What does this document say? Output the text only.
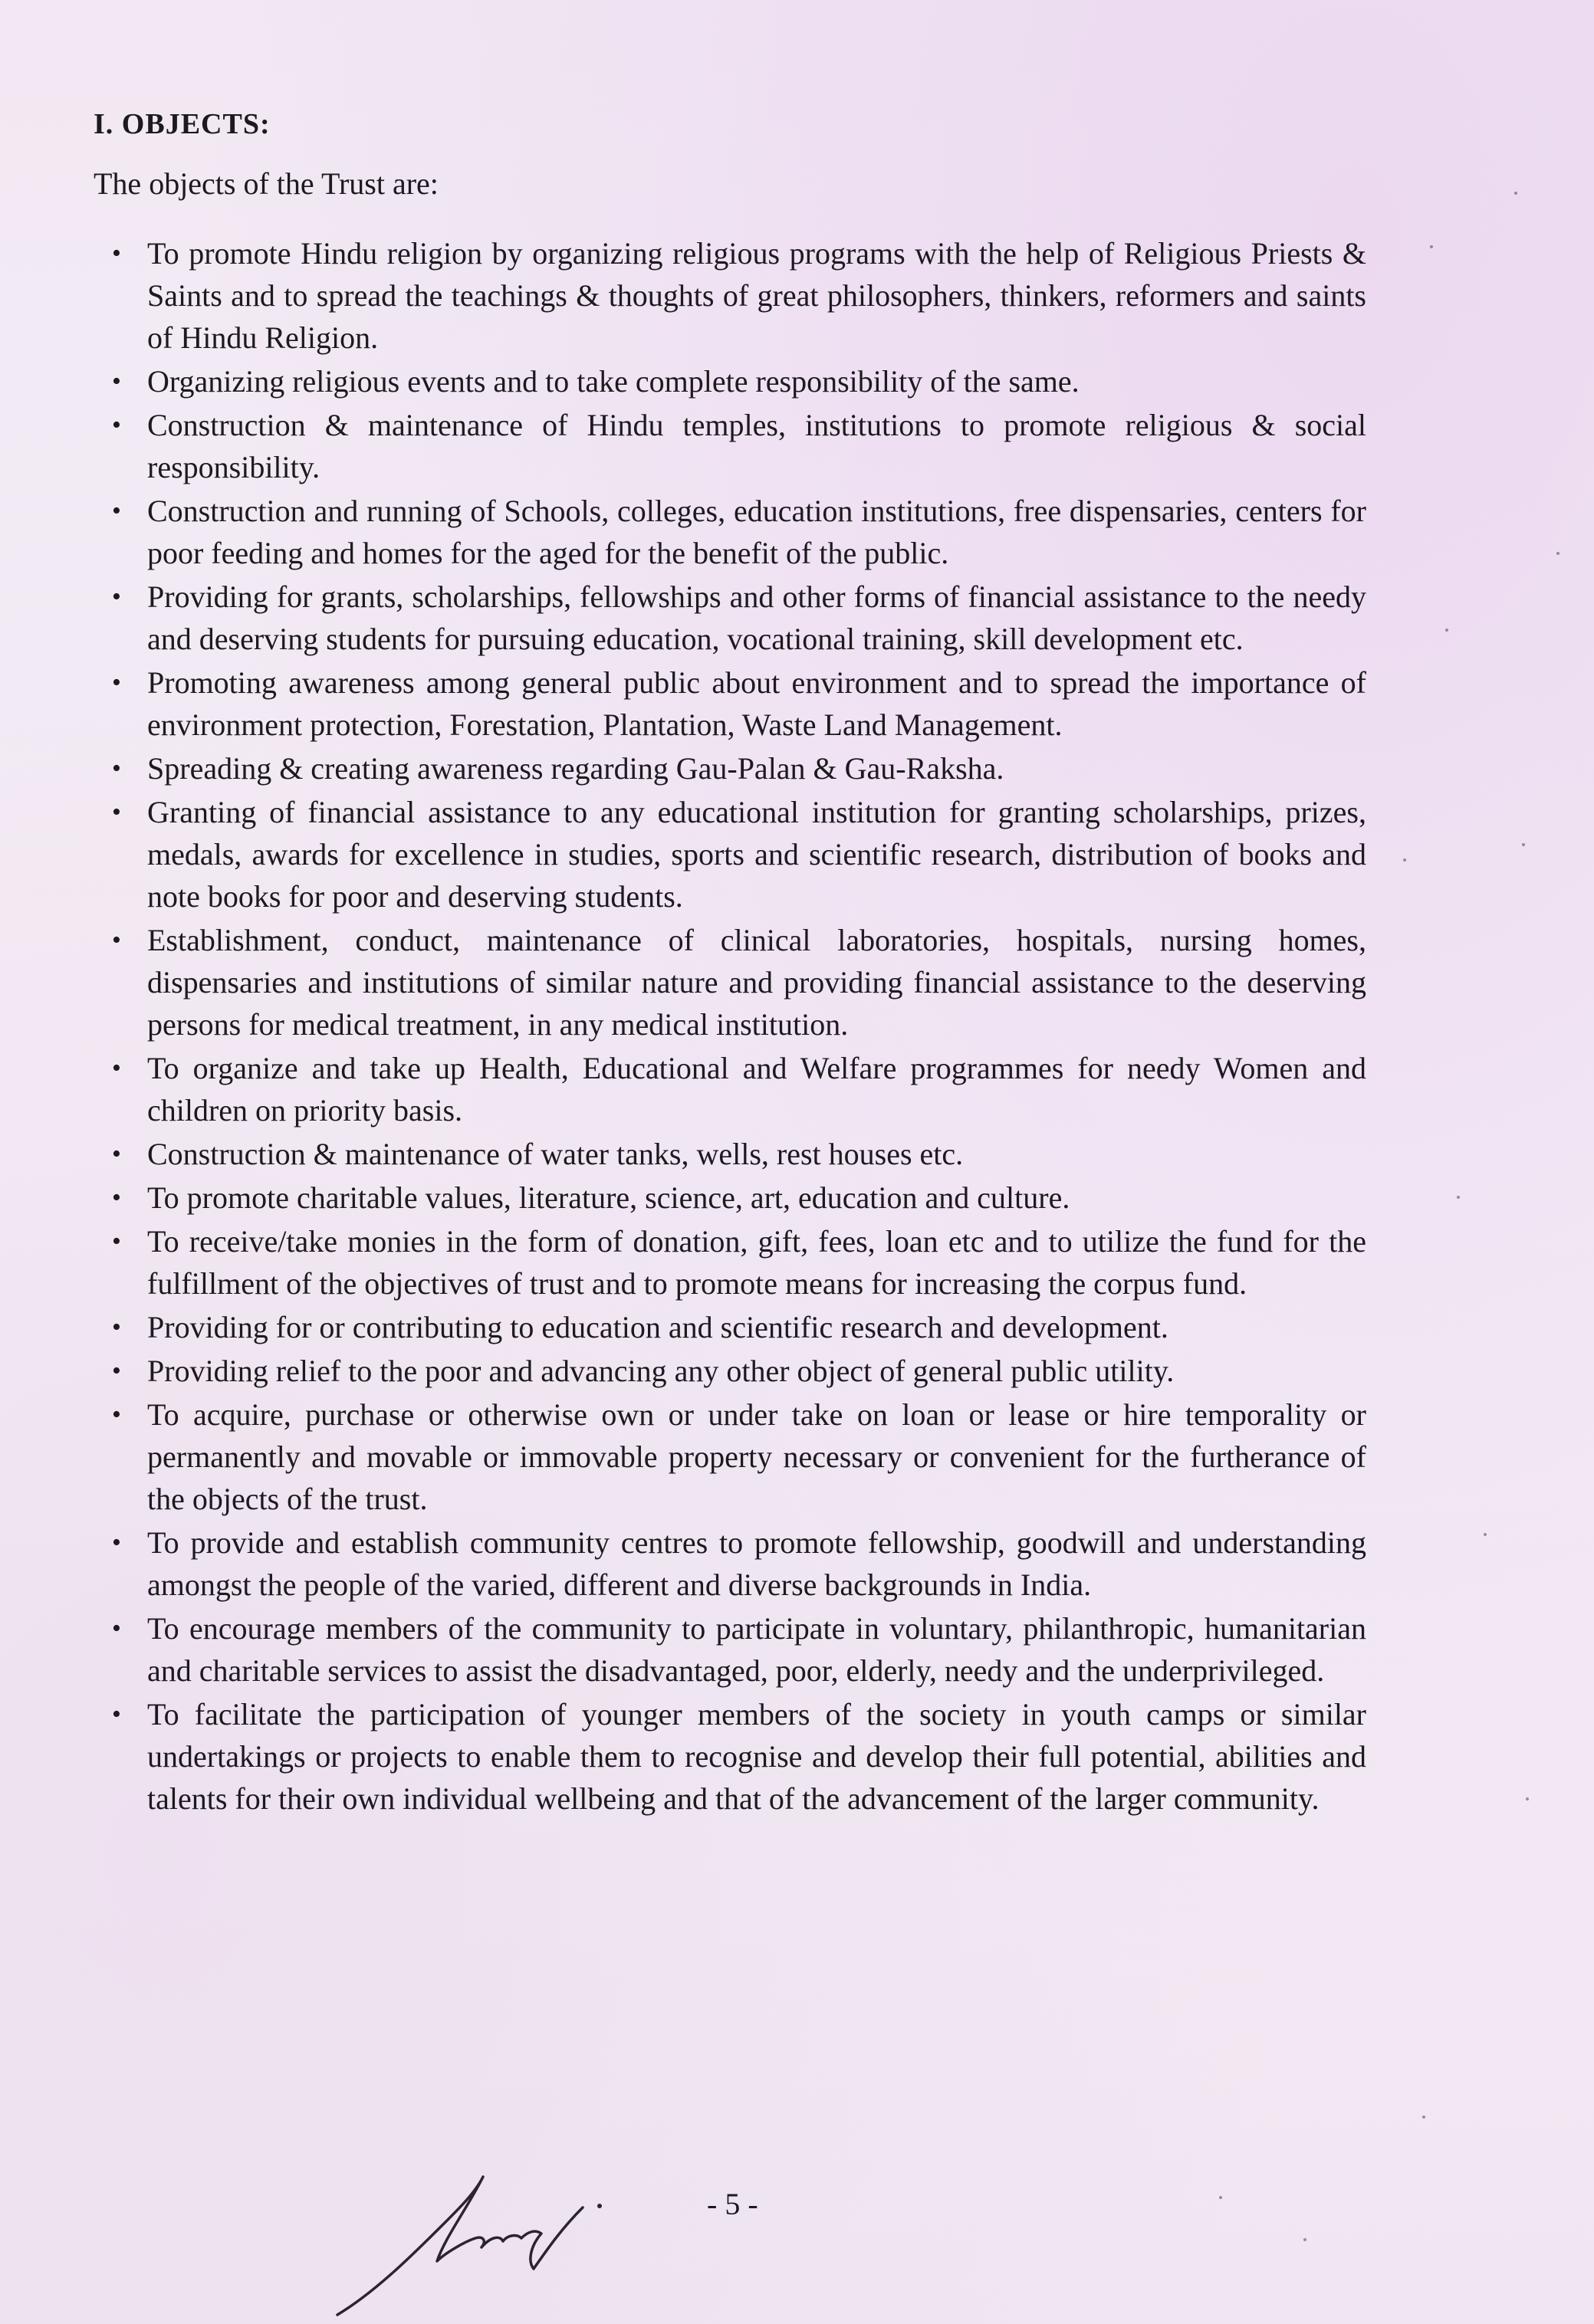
I. OBJECTS:
The objects of the Trust are:
• To promote Hindu religion by organizing religious programs with the help of Religious Priests & Saints and to spread the teachings & thoughts of great philosophers, thinkers, reformers and saints of Hindu Religion.
• Organizing religious events and to take complete responsibility of the same.
• Construction & maintenance of Hindu temples, institutions to promote religious & social responsibility.
• Construction and running of Schools, colleges, education institutions, free dispensaries, centers for poor feeding and homes for the aged for the benefit of the public.
• Providing for grants, scholarships, fellowships and other forms of financial assistance to the needy and deserving students for pursuing education, vocational training, skill development etc.
• Promoting awareness among general public about environment and to spread the importance of environment protection, Forestation, Plantation, Waste Land Management.
• Spreading & creating awareness regarding Gau-Palan & Gau-Raksha.
• Granting of financial assistance to any educational institution for granting scholarships, prizes, medals, awards for excellence in studies, sports and scientific research, distribution of books and note books for poor and deserving students.
• Establishment, conduct, maintenance of clinical laboratories, hospitals, nursing homes, dispensaries and institutions of similar nature and providing financial assistance to the deserving persons for medical treatment, in any medical institution.
• To organize and take up Health, Educational and Welfare programmes for needy Women and children on priority basis.
• Construction & maintenance of water tanks, wells, rest houses etc.
• To promote charitable values, literature, science, art, education and culture.
• To receive/take monies in the form of donation, gift, fees, loan etc and to utilize the fund for the fulfillment of the objectives of trust and to promote means for increasing the corpus fund.
• Providing for or contributing to education and scientific research and development.
• Providing relief to the poor and advancing any other object of general public utility.
• To acquire, purchase or otherwise own or under take on loan or lease or hire temporality or permanently and movable or immovable property necessary or convenient for the furtherance of the objects of the trust.
• To provide and establish community centres to promote fellowship, goodwill and understanding amongst the people of the varied, different and diverse backgrounds in India.
• To encourage members of the community to participate in voluntary, philanthropic, humanitarian and charitable services to assist the disadvantaged, poor, elderly, needy and the underprivileged.
• To facilitate the participation of younger members of the society in youth camps or similar undertakings or projects to enable them to recognise and develop their full potential, abilities and talents for their own individual wellbeing and that of the advancement of the larger community.
- 5 -
